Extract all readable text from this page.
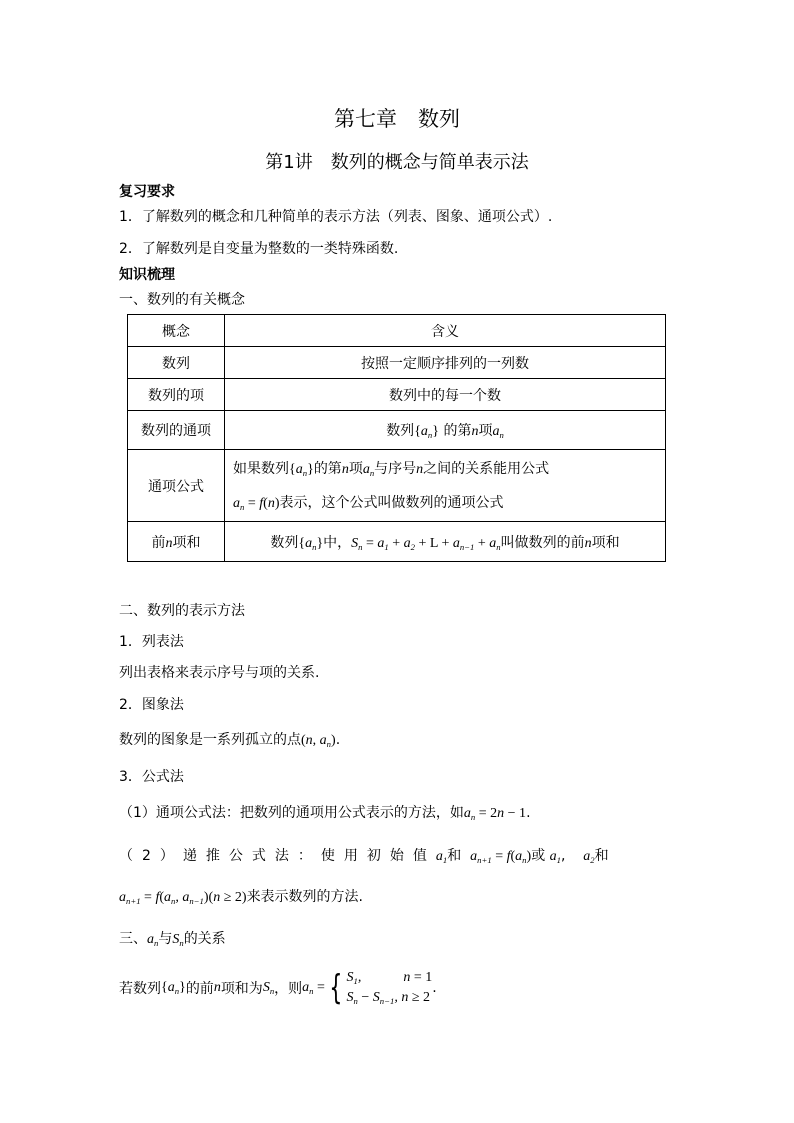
第七章　数列
第1讲　数列的概念与简单表示法
复习要求
1．了解数列的概念和几种简单的表示方法（列表、图象、通项公式）.
2．了解数列是自变量为整数的一类特殊函数.
知识梳理
一、数列的有关概念
概念	含义
数列	按照一定顺序排列的一列数
数列的项	数列中的每一个数
数列的通项	数列$\{a_n\}$ 的第n项$a_n$
通项公式	如果数列$\{a_n\}$的第n项$a_n$与序号n之间的关系能用公式
$a_n = f(n)$表示，这个公式叫做数列的通项公式

前n项和	数列$\{a_n\}$中，$S_n = a_1 + a_2 + L + a_{n-1} + a_n$叫做数列的前n项和
二、数列的表示方法
1．列表法
列出表格来表示序号与项的关系.
2．图象法
数列的图象是一系列孤立的点(n, $a_n$).
3．公式法
（1）通项公式法：把数列的通项用公式表示的方法，如$a_n = 2n - 1$.
（2）递推公式法：使用初始值$a_1$和 $a_{n+1} = f(a_n)$或 $a_1$,    $a_2$和
$a_{n+1} = f(a_n$, $a_{n-1})(n \ge 2)$来表示数列的方法.
三、$a_n$与$S_n$的关系
若数列 $\{a_n\}$ 的前 n 项和为 $S_n$ ，则 $a_n$ = { $S_1$,            n = 1
$S_n - S_{n-1}$, n ≥ 2
.
